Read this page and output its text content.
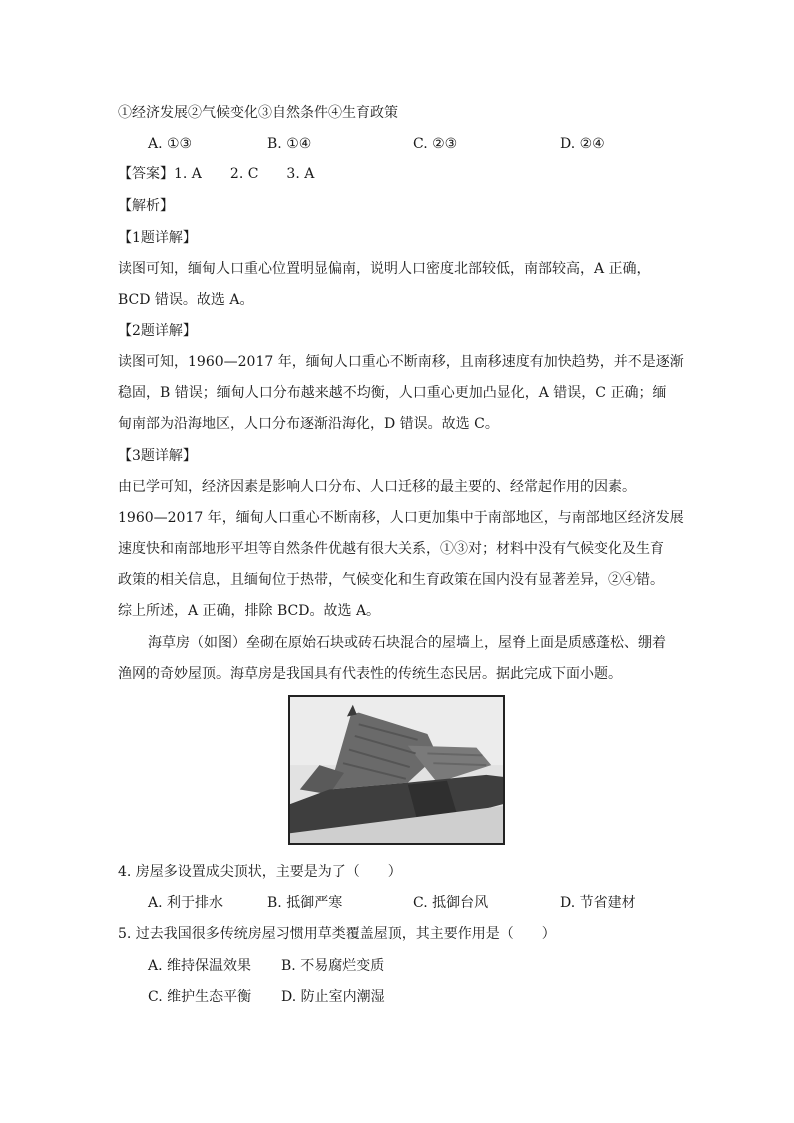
①经济发展②气候变化③自然条件④生育政策
A. ①③	B. ①④	C. ②③	D. ②④
【答案】1. A　　2. C　　3. A
【解析】
【1题详解】
读图可知，缅甸人口重心位置明显偏南，说明人口密度北部较低，南部较高，A 正确，
BCD 错误。故选 A。
【2题详解】
读图可知，1960—2017 年，缅甸人口重心不断南移，且南移速度有加快趋势，并不是逐渐
稳固，B 错误；缅甸人口分布越来越不均衡，人口重心更加凸显化，A 错误，C 正确；缅
甸南部为沿海地区，人口分布逐渐沿海化，D 错误。故选 C。
【3题详解】
由已学可知，经济因素是影响人口分布、人口迁移的最主要的、经常起作用的因素。
1960—2017 年，缅甸人口重心不断南移，人口更加集中于南部地区，与南部地区经济发展
速度快和南部地形平坦等自然条件优越有很大关系，①③对；材料中没有气候变化及生育
政策的相关信息，且缅甸位于热带，气候变化和生育政策在国内没有显著差异，②④错。
综上所述，A 正确，排除 BCD。故选 A。
海草房（如图）垒砌在原始石块或砖石块混合的屋墙上，屋脊上面是质感蓬松、绷着
渔网的奇妙屋顶。海草房是我国具有代表性的传统生态民居。据此完成下面小题。
4. 房屋多设置成尖顶状，主要是为了（　　）
A. 利于排水	B. 抵御严寒	C. 抵御台风	D. 节省建材
5. 过去我国很多传统房屋习惯用草类覆盖屋顶，其主要作用是（　　）
A. 维持保温效果 B. 不易腐烂变质
C. 维护生态平衡 D. 防止室内潮湿
